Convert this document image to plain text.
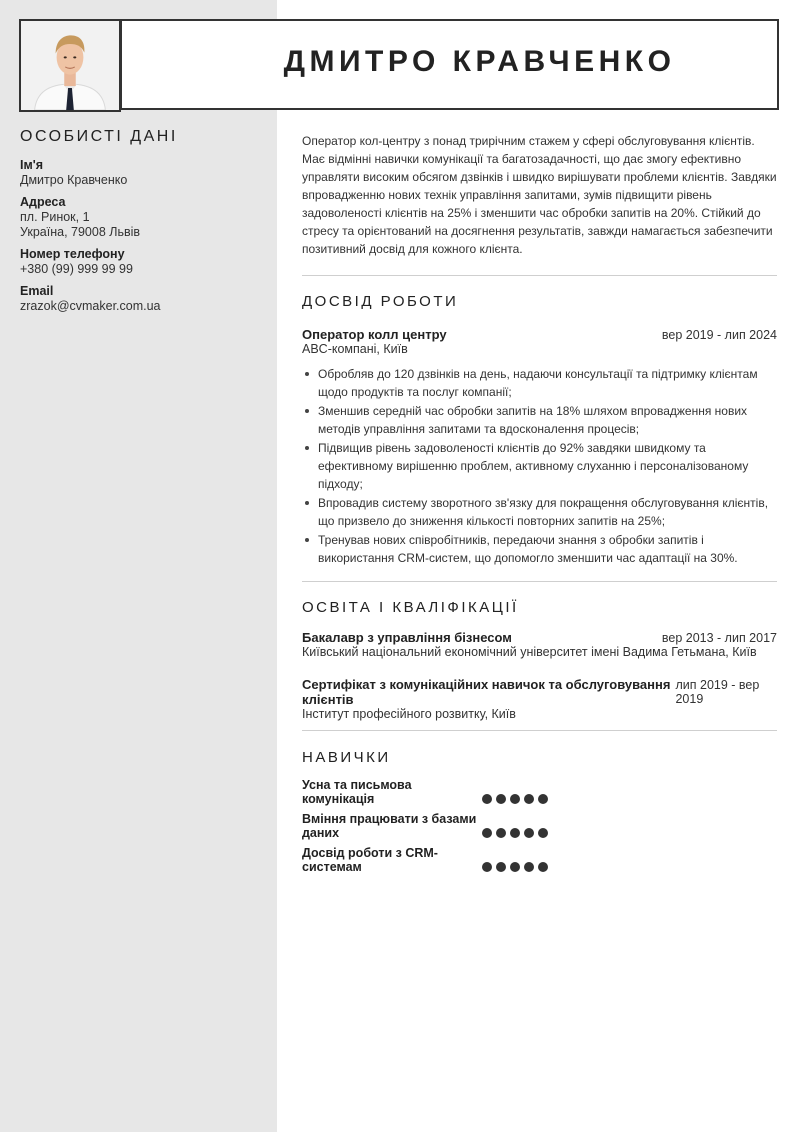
ДМИТРО КРАВЧЕНКО
ОСОБИСТІ ДАНІ
Ім'я
Дмитро Кравченко
Адреса
пл. Ринок, 1
Україна, 79008 Львів
Номер телефону
+380 (99) 999 99 99
Email
zrazok@cvmaker.com.ua

Оператор кол-центру з понад трирічним стажем у сфері обслуговування клієнтів. Має відмінні навички комунікації та багатозадачності, що дає змогу ефективно управляти високим обсягом дзвінків і швидко вирішувати проблеми клієнтів. Завдяки впровадженню нових технік управління запитами, зумів підвищити рівень задоволеності клієнтів на 25% і зменшити час обробки запитів на 20%. Стійкий до стресу та орієнтований на досягнення результатів, завжди намагається забезпечити позитивний досвід для кожного клієнта.

ДОСВІД РОБОТИ
Оператор колл центру	вер 2019 - лип 2024
ABC-компані, Київ
Обробляв до 120 дзвінків на день, надаючи консультації та підтримку клієнтам щодо продуктів та послуг компанії;
Зменшив середній час обробки запитів на 18% шляхом впровадження нових методів управління запитами та вдосконалення процесів;
Підвищив рівень задоволеності клієнтів до 92% завдяки швидкому та ефективному вирішенню проблем, активному слуханню і персоналізованому підходу;
Впровадив систему зворотного зв'язку для покращення обслуговування клієнтів, що призвело до зниження кількості повторних запитів на 25%;
Тренував нових співробітників, передаючи знання з обробки запитів і використання CRM-систем, що допомогло зменшити час адаптації на 30%.
ОСВІТА І КВАЛІФІКАЦІЇ
Бакалавр з управління бізнесом	вер 2013 - лип 2017
Київський національний економічний університет імені Вадима Гетьмана, Київ
Сертифікат з комунікаційних навичок та обслуговування клієнтів
лип 2019 - вер 2019
Інститут професійного розвитку, Київ
НАВИЧКИ
Усна та письмова комунікація
Вміння працювати з базами даних
Досвід роботи з CRM-системам
